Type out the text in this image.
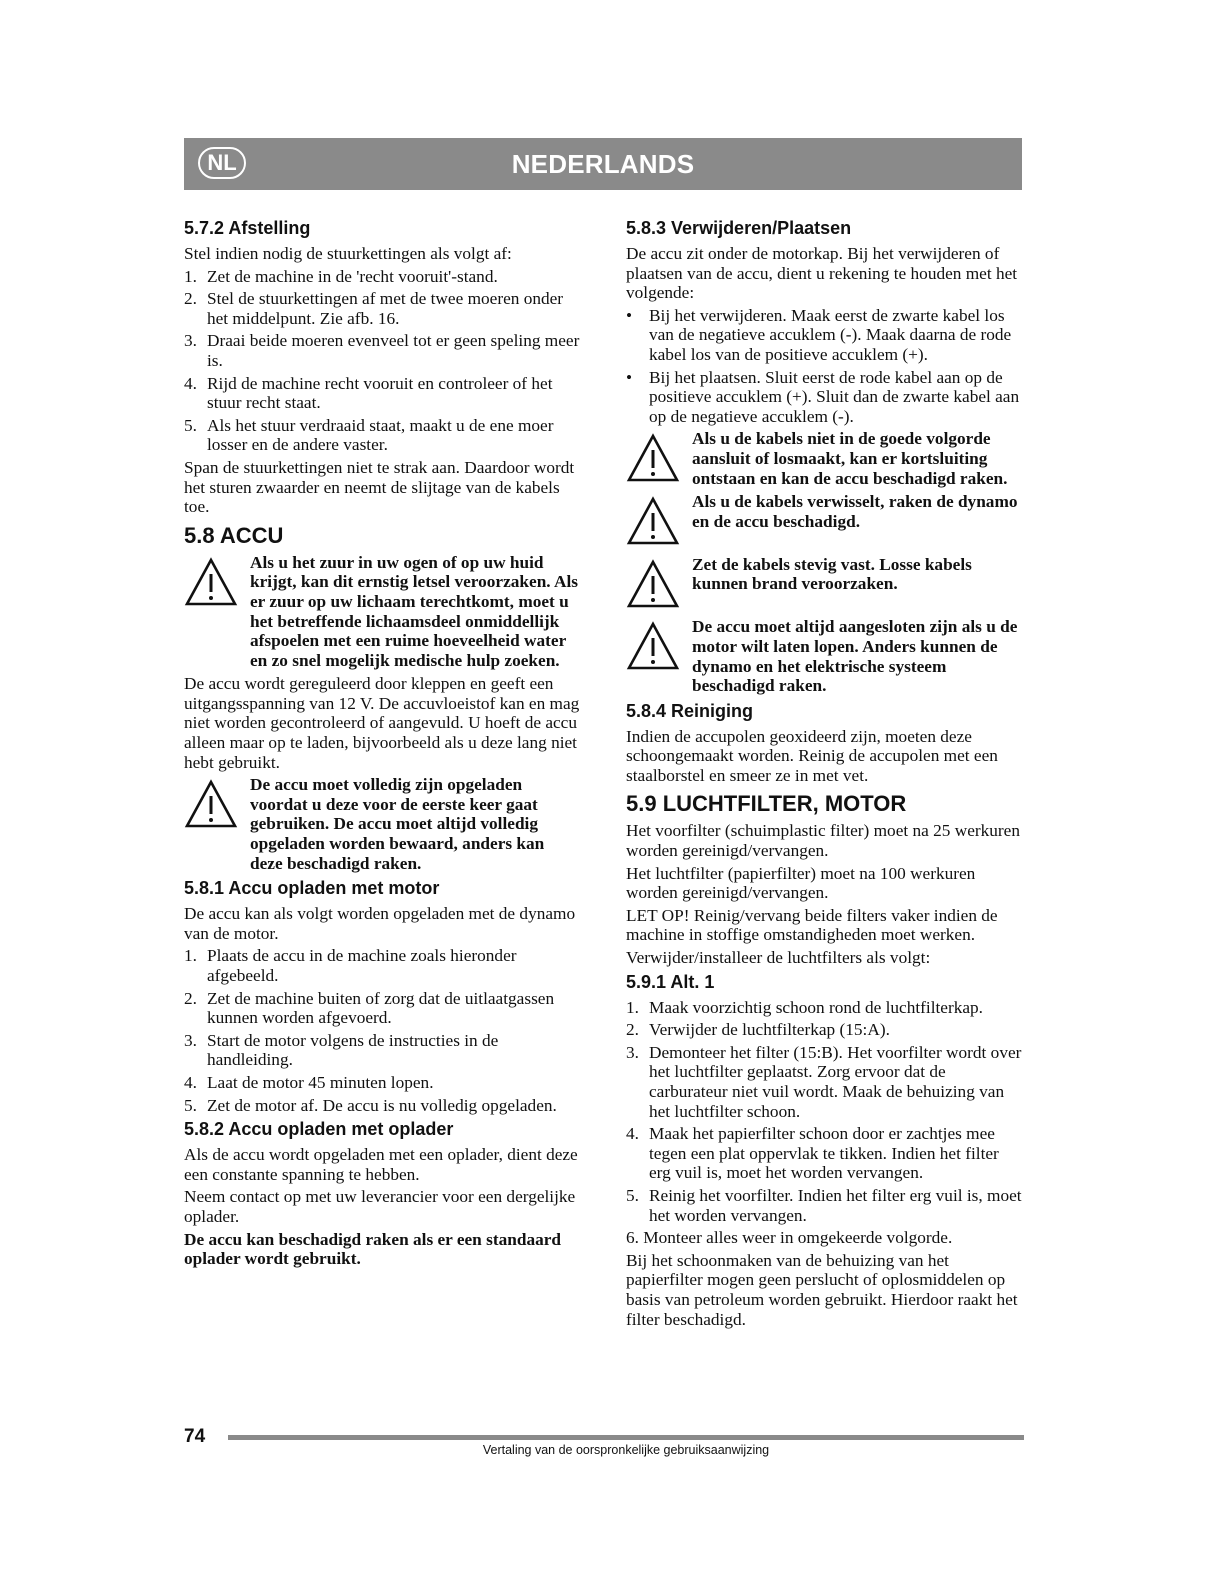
NL	NEDERLANDS
5.7.2 Afstelling

Stel indien nodig de stuurkettingen als volgt af:

1. Zet de machine in de 'recht vooruit'-stand.
2. Stel de stuurkettingen af met de twee moeren onder het middelpunt. Zie afb. 16.
3. Draai beide moeren evenveel tot er geen speling meer is.
4. Rijd de machine recht vooruit en controleer of het stuur recht staat.
5. Als het stuur verdraaid staat, maakt u de ene moer losser en de andere vaster.

Span de stuurkettingen niet te strak aan. Daardoor wordt het sturen zwaarder en neemt de slijtage van de kabels toe.

5.8 ACCU
Als u het zuur in uw ogen of op uw huid krijgt, kan dit ernstig letsel veroorzaken. Als er zuur op uw lichaam terechtkomt, moet u het betreffende lichaamsdeel onmiddellijk afspoelen met een ruime hoeveelheid water en zo snel mogelijk medische hulp zoeken.

De accu wordt gereguleerd door kleppen en geeft een uitgangsspanning van 12 V. De accuvloeistof kan en mag niet worden gecontroleerd of aangevuld. U hoeft de accu alleen maar op te laden, bijvoorbeeld als u deze lang niet hebt gebruikt.

De accu moet volledig zijn opgeladen voordat u deze voor de eerste keer gaat gebruiken. De accu moet altijd volledig opgeladen worden bewaard, anders kan deze beschadigd raken.
5.8.1 Accu opladen met motor

De accu kan als volgt worden opgeladen met de dynamo van de motor.

1. Plaats de accu in de machine zoals hieronder afgebeeld.
2. Zet de machine buiten of zorg dat de uitlaatgassen kunnen worden afgevoerd.
3. Start de motor volgens de instructies in de handleiding.
4. Laat de motor 45 minuten lopen.
5. Zet de motor af. De accu is nu volledig opgeladen.
5.8.2 Accu opladen met oplader

Als de accu wordt opgeladen met een oplader, dient deze een constante spanning te hebben.

Neem contact op met uw leverancier voor een dergelijke oplader.

De accu kan beschadigd raken als er een standaard oplader wordt gebruikt.

5.8.3 Verwijderen/Plaatsen

De accu zit onder de motorkap. Bij het verwijderen of plaatsen van de accu, dient u rekening te houden met het volgende:

• Bij het verwijderen. Maak eerst de zwarte kabel los van de negatieve accuklem (-). Maak daarna de rode kabel los van de positieve accuklem (+).
• Bij het plaatsen. Sluit eerst de rode kabel aan op de positieve accuklem (+). Sluit dan de zwarte kabel aan op de negatieve accuklem (-).
Als u de kabels niet in de goede volgorde aansluit of losmaakt, kan er kortsluiting ontstaan en kan de accu beschadigd raken.
Als u de kabels verwisselt, raken de dynamo en de accu beschadigd.
Zet de kabels stevig vast. Losse kabels kunnen brand veroorzaken.
De accu moet altijd aangesloten zijn als u de motor wilt laten lopen. Anders kunnen de dynamo en het elektrische systeem beschadigd raken.
5.8.4 Reiniging

Indien de accupolen geoxideerd zijn, moeten deze schoongemaakt worden. Reinig de accupolen met een staalborstel en smeer ze in met vet.

5.9 LUCHTFILTER, MOTOR

Het voorfilter (schuimplastic filter) moet na 25 werkuren worden gereinigd/vervangen.

Het luchtfilter (papierfilter) moet na 100 werkuren worden gereinigd/vervangen.

LET OP! Reinig/vervang beide filters vaker indien de machine in stoffige omstandigheden moet werken.

Verwijder/installeer de luchtfilters als volgt:

5.9.1 Alt. 1
1. Maak voorzichtig schoon rond de luchtfilterkap.
2. Verwijder de luchtfilterkap (15:A).
3. Demonteer het filter (15:B). Het voorfilter wordt over het luchtfilter geplaatst. Zorg ervoor dat de carburateur niet vuil wordt. Maak de behuizing van het luchtfilter schoon.
4. Maak het papierfilter schoon door er zachtjes mee tegen een plat oppervlak te tikken. Indien het filter erg vuil is, moet het worden vervangen.
5. Reinig het voorfilter. Indien het filter erg vuil is, moet het worden vervangen.

6. Monteer alles weer in omgekeerde volgorde.

Bij het schoonmaken van de behuizing van het papierfilter mogen geen perslucht of oplosmiddelen op basis van petroleum worden gebruikt. Hierdoor raakt het filter beschadigd.

74
Vertaling van de oorspronkelijke gebruiksaanwijzing
